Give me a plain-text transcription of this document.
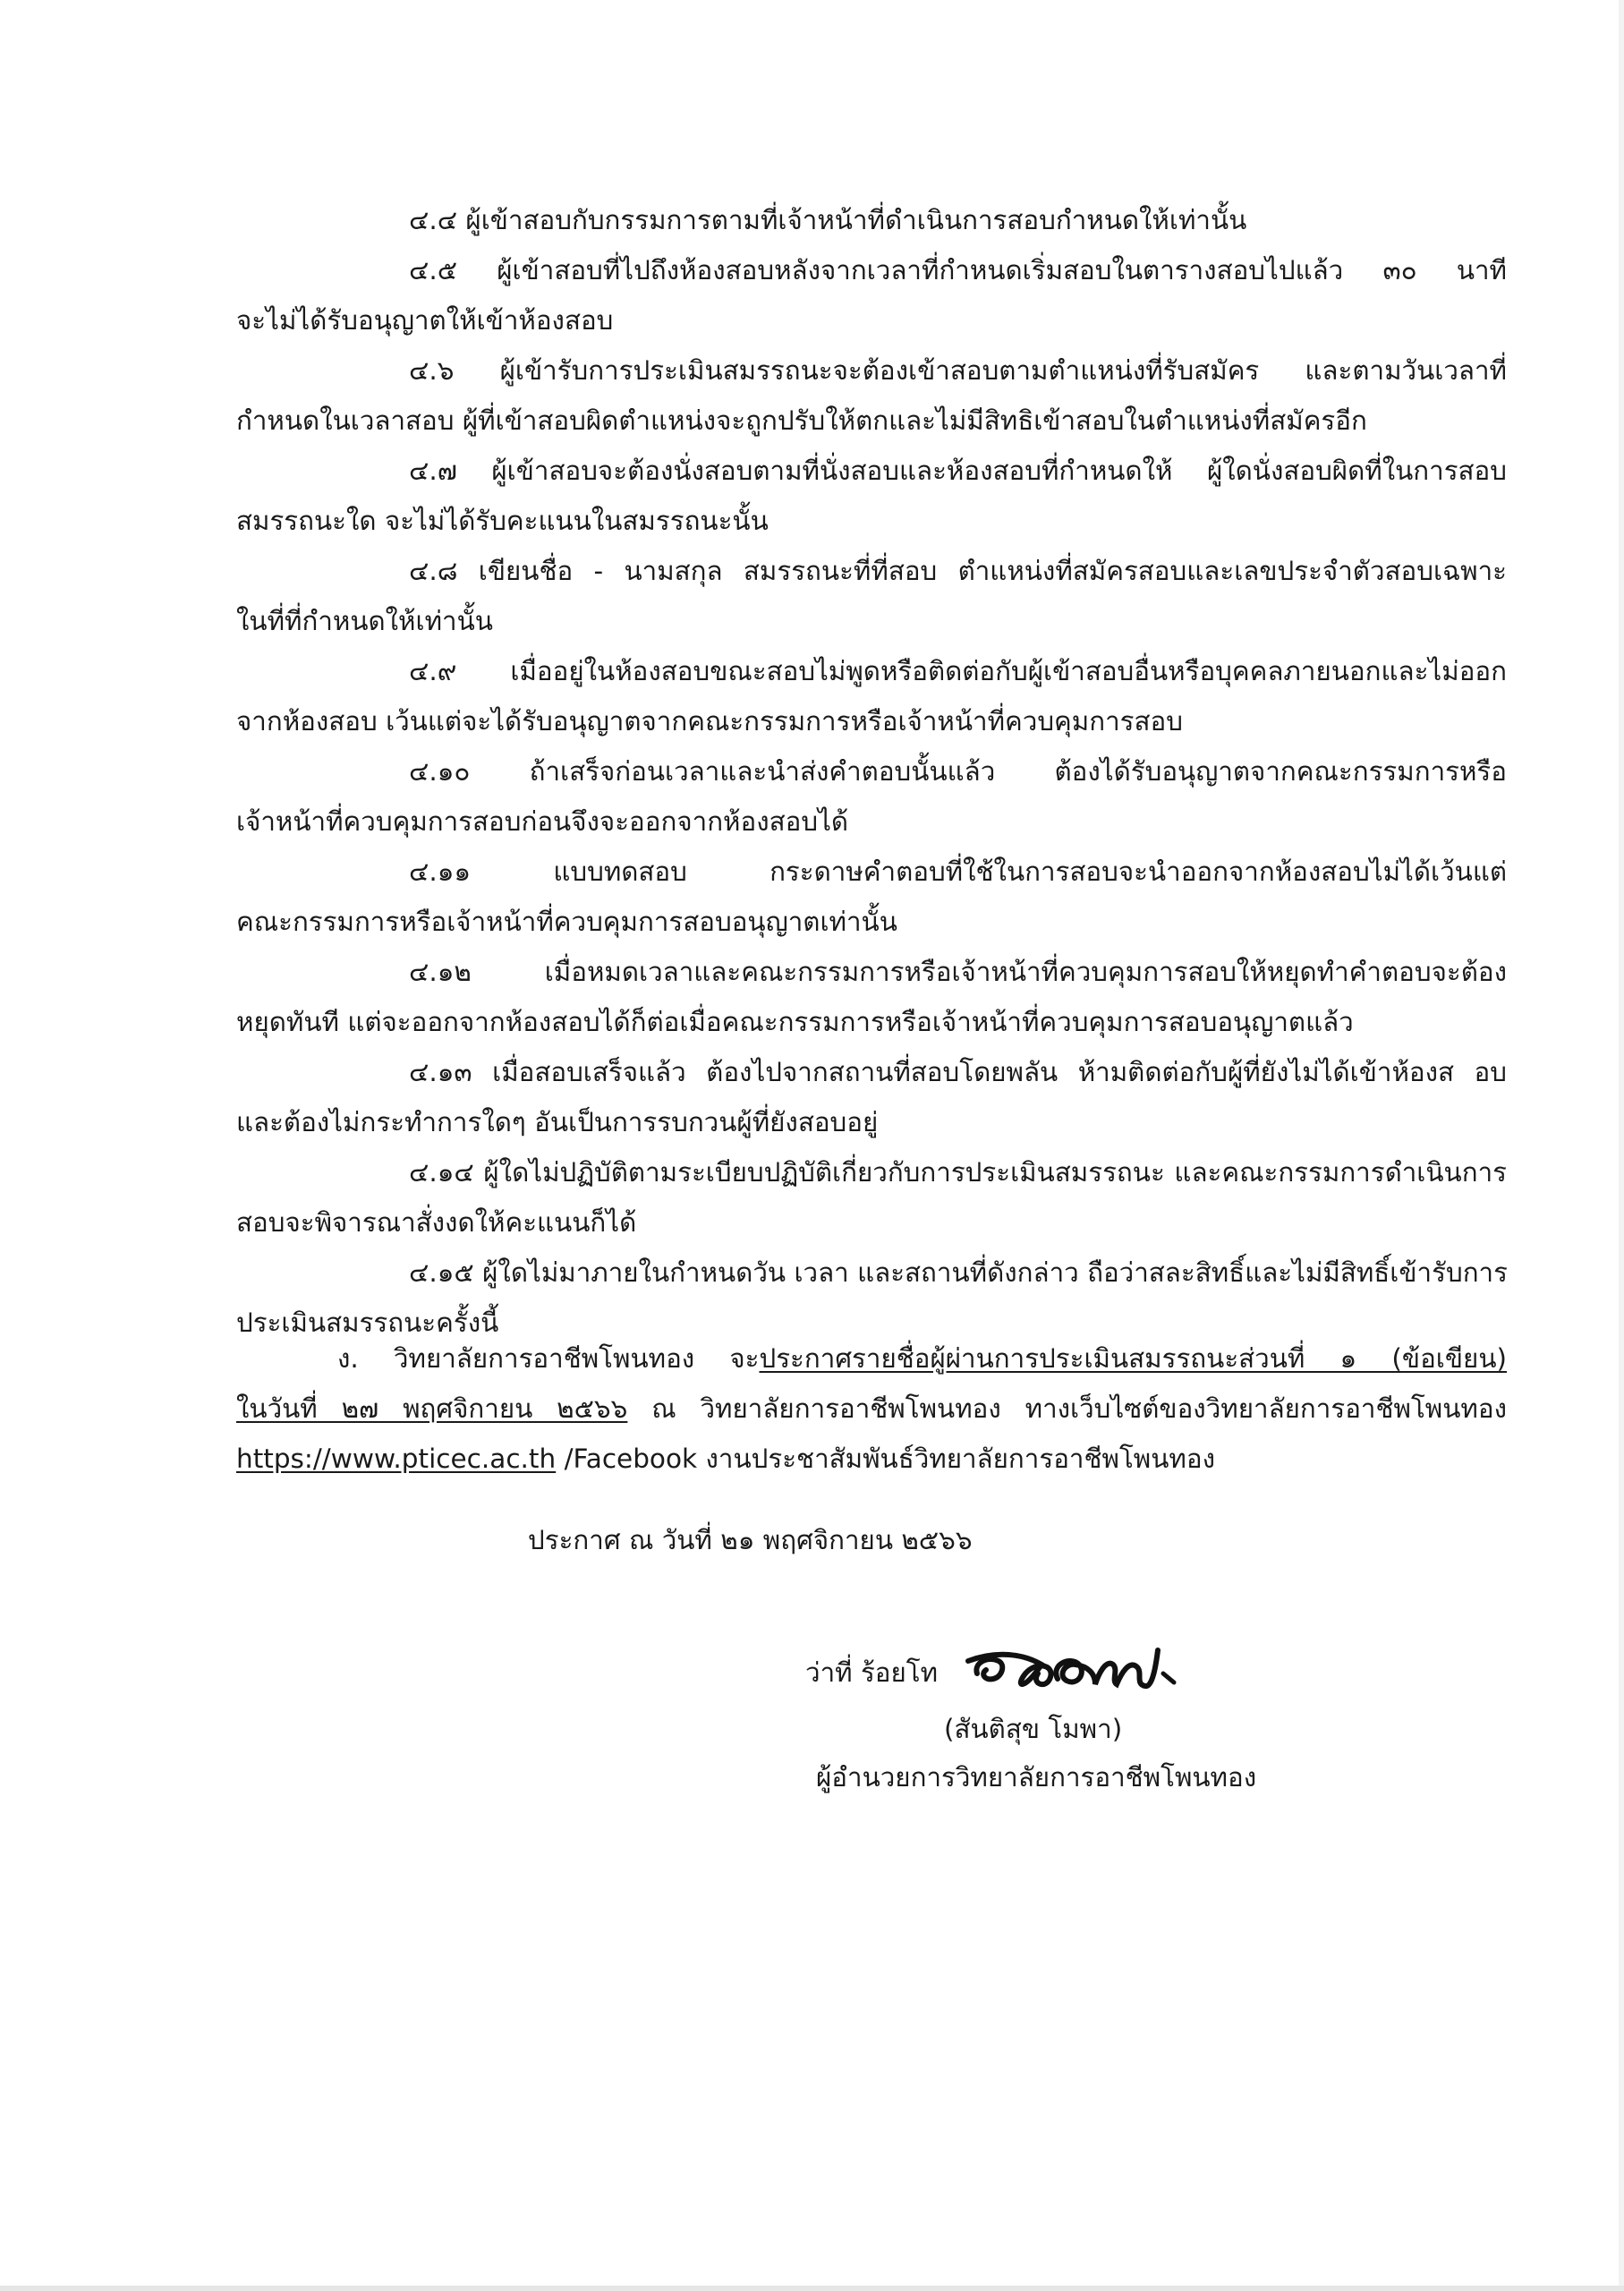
๔.๔ ผู้เข้าสอบกับกรรมการตามที่เจ้าหน้าที่ดำเนินการสอบกำหนดให้เท่านั้น

๔.๕ ผู้เข้าสอบที่ไปถึงห้องสอบหลังจากเวลาที่กำหนดเริ่มสอบในตารางสอบไปแล้ว ๓๐ นาที
จะไม่ได้รับอนุญาตให้เข้าห้องสอบ

๔.๖ ผู้เข้ารับการประเมินสมรรถนะจะต้องเข้าสอบตามตำแหน่งที่รับสมัคร และตามวันเวลาที่
กำหนดในเวลาสอบ ผู้ที่เข้าสอบผิดตำแหน่งจะถูกปรับให้ตกและไม่มีสิทธิเข้าสอบในตำแหน่งที่สมัครอีก

๔.๗ ผู้เข้าสอบจะต้องนั่งสอบตามที่นั่งสอบและห้องสอบที่กำหนดให้ ผู้ใดนั่งสอบผิดที่ในการสอบ
สมรรถนะใด จะไม่ได้รับคะแนนในสมรรถนะนั้น

๔.๘ เขียนชื่อ - นามสกุล สมรรถนะที่ที่สอบ ตำแหน่งที่สมัครสอบและเลขประจำตัวสอบเฉพาะ
ในที่ที่กำหนดให้เท่านั้น

๔.๙ เมื่ออยู่ในห้องสอบขณะสอบไม่พูดหรือติดต่อกับผู้เข้าสอบอื่นหรือบุคคลภายนอกและไม่ออก
จากห้องสอบ เว้นแต่จะได้รับอนุญาตจากคณะกรรมการหรือเจ้าหน้าที่ควบคุมการสอบ

๔.๑๐ ถ้าเสร็จก่อนเวลาและนำส่งคำตอบนั้นแล้ว ต้องได้รับอนุญาตจากคณะกรรมการหรือ
เจ้าหน้าที่ควบคุมการสอบก่อนจึงจะออกจากห้องสอบได้

๔.๑๑ แบบทดสอบ กระดาษคำตอบที่ใช้ในการสอบจะนำออกจากห้องสอบไม่ได้เว้นแต่
คณะกรรมการหรือเจ้าหน้าที่ควบคุมการสอบอนุญาตเท่านั้น

๔.๑๒ เมื่อหมดเวลาและคณะกรรมการหรือเจ้าหน้าที่ควบคุมการสอบให้หยุดทำคำตอบจะต้อง
หยุดทันที แต่จะออกจากห้องสอบได้ก็ต่อเมื่อคณะกรรมการหรือเจ้าหน้าที่ควบคุมการสอบอนุญาตแล้ว

๔.๑๓ เมื่อสอบเสร็จแล้ว ต้องไปจากสถานที่สอบโดยพลัน ห้ามติดต่อกับผู้ที่ยังไม่ได้เข้าห้องส อบ
และต้องไม่กระทำการใดๆ อันเป็นการรบกวนผู้ที่ยังสอบอยู่

๔.๑๔ ผู้ใดไม่ปฏิบัติตามระเบียบปฏิบัติเกี่ยวกับการประเมินสมรรถนะ และคณะกรรมการดำเนินการ
สอบจะพิจารณาสั่งงดให้คะแนนก็ได้

๔.๑๕ ผู้ใดไม่มาภายในกำหนดวัน เวลา และสถานที่ดังกล่าว ถือว่าสละสิทธิ์และไม่มีสิทธิ์เข้ารับการ
ประเมินสมรรถนะครั้งนี้

ง. วิทยาลัยการอาชีพโพนทอง จะประกาศรายชื่อผู้ผ่านการประเมินสมรรถนะส่วนที่ ๑ (ข้อเขียน)
ในวันที่ ๒๗ พฤศจิกายน ๒๕๖๖ ณ วิทยาลัยการอาชีพโพนทอง ทางเว็บไซต์ของวิทยาลัยการอาชีพโพนทอง
https://www.pticec.ac.th /Facebook งานประชาสัมพันธ์วิทยาลัยการอาชีพโพนทอง

ประกาศ ณ วันที่ ๒๑ พฤศจิกายน ๒๕๖๖
ว่าที่ ร้อยโท
(สันติสุข โมพา)
ผู้อำนวยการวิทยาลัยการอาชีพโพนทอง
